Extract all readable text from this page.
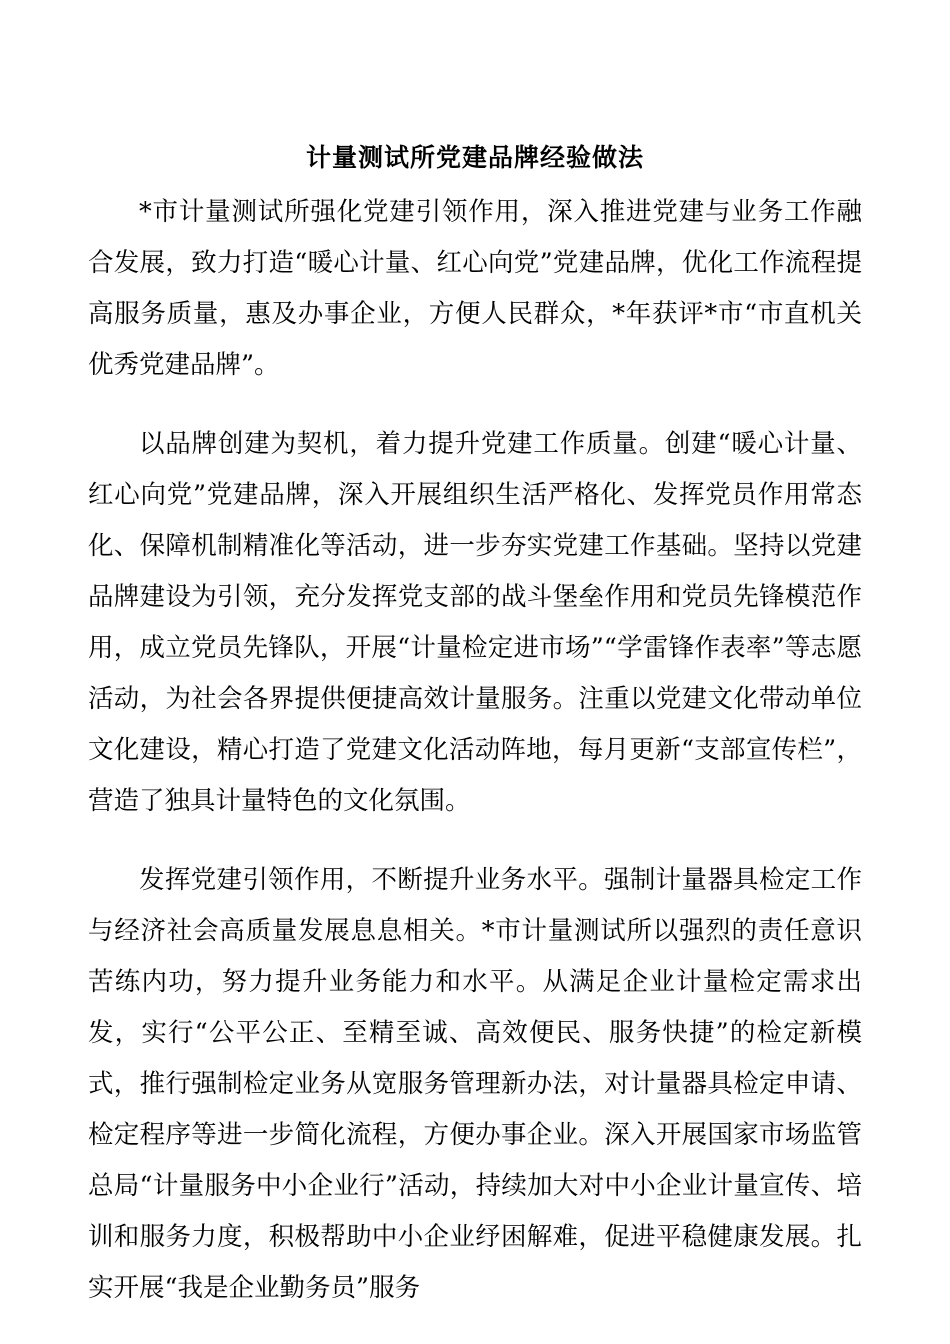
计量测试所党建品牌经验做法

*市计量测试所强化党建引领作用，深入推进党建与业务工作融合发展，致力打造“暖心计量、红心向党”党建品牌，优化工作流程提高服务质量，惠及办事企业，方便人民群众，*年获评*市“市直机关优秀党建品牌”。

以品牌创建为契机，着力提升党建工作质量。创建“暖心计量、红心向党”党建品牌，深入开展组织生活严格化、发挥党员作用常态化、保障机制精准化等活动，进一步夯实党建工作基础。坚持以党建品牌建设为引领，充分发挥党支部的战斗堡垒作用和党员先锋模范作用，成立党员先锋队，开展“计量检定进市场”“学雷锋作表率”等志愿活动，为社会各界提供便捷高效计量服务。注重以党建文化带动单位文化建设，精心打造了党建文化活动阵地，每月更新“支部宣传栏”，营造了独具计量特色的文化氛围。

发挥党建引领作用，不断提升业务水平。强制计量器具检定工作与经济社会高质量发展息息相关。*市计量测试所以强烈的责任意识苦练内功，努力提升业务能力和水平。从满足企业计量检定需求出发，实行“公平公正、至精至诚、高效便民、服务快捷”的检定新模式，推行强制检定业务从宽服务管理新办法，对计量器具检定申请、检定程序等进一步简化流程，方便办事企业。深入开展国家市场监管总局“计量服务中小企业行”活动，持续加大对中小企业计量宣传、培训和服务力度，积极帮助中小企业纾困解难，促进平稳健康发展。扎实开展“我是企业勤务员”服务
